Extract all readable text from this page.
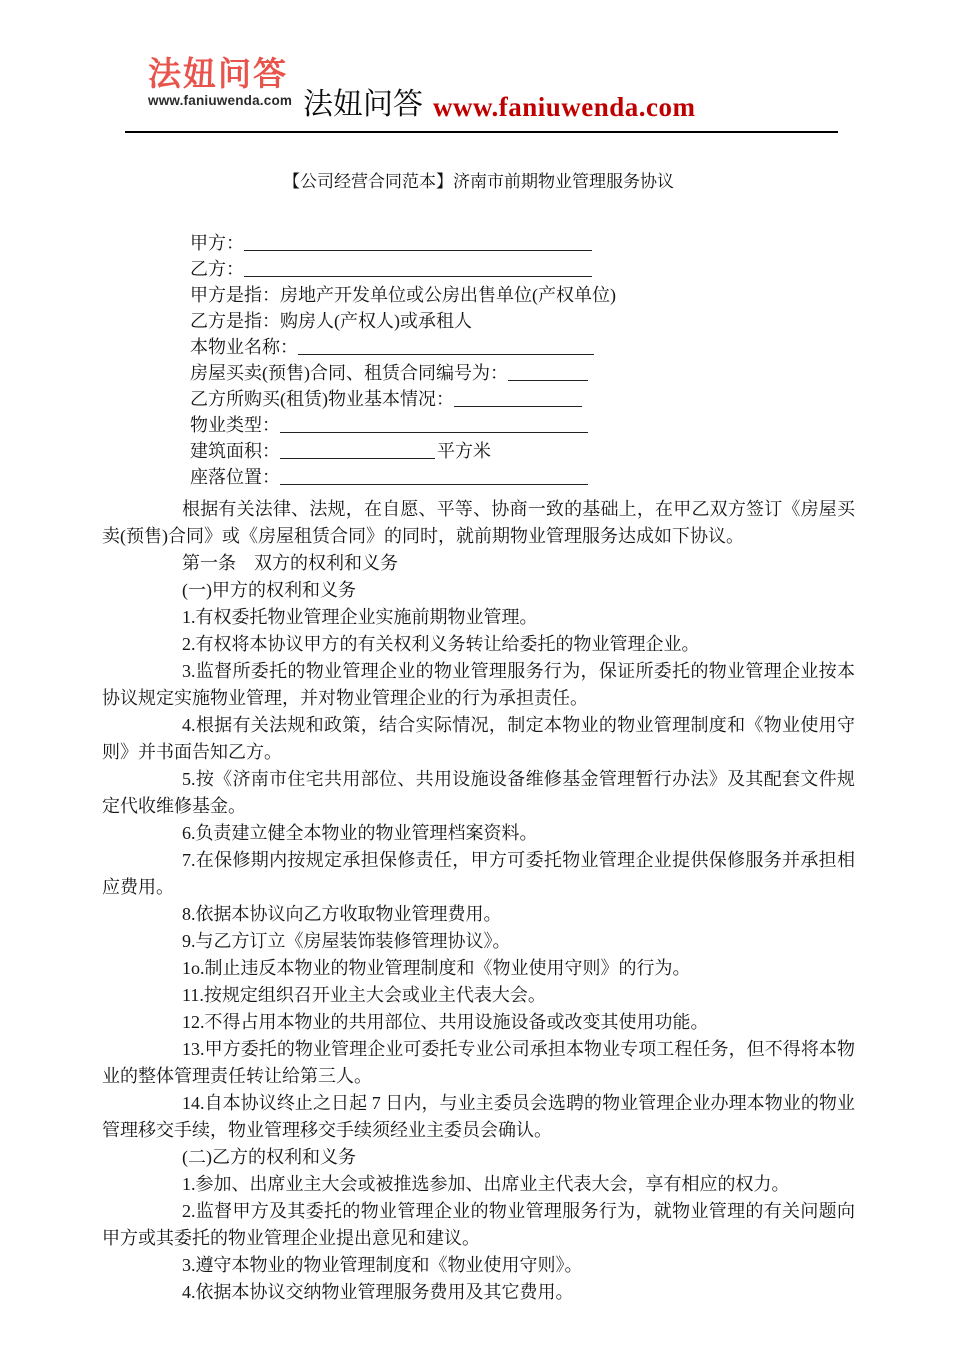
法妞问答
www.faniuwenda.com 法妞问答 www.faniuwenda.com
【公司经营合同范本】济南市前期物业管理服务协议
甲方：
乙方：
甲方是指：房地产开发单位或公房出售单位(产权单位)
乙方是指：购房人(产权人)或承租人
本物业名称：
房屋买卖(预售)合同、租赁合同编号为：
乙方所购买(租赁)物业基本情况：
物业类型：
建筑面积：	平方米
座落位置：

根据有关法律、法规，在自愿、平等、协商一致的基础上，在甲乙双方签订《房屋买卖(预售)合同》或《房屋租赁合同》的同时，就前期物业管理服务达成如下协议。

第一条　双方的权利和义务

(一)甲方的权利和义务

1.有权委托物业管理企业实施前期物业管理。

2.有权将本协议甲方的有关权利义务转让给委托的物业管理企业。

3.监督所委托的物业管理企业的物业管理服务行为，保证所委托的物业管理企业按本协议规定实施物业管理，并对物业管理企业的行为承担责任。

4.根据有关法规和政策，结合实际情况，制定本物业的物业管理制度和《物业使用守则》并书面告知乙方。

5.按《济南市住宅共用部位、共用设施设备维修基金管理暂行办法》及其配套文件规定代收维修基金。

6.负责建立健全本物业的物业管理档案资料。

7.在保修期内按规定承担保修责任，甲方可委托物业管理企业提供保修服务并承担相应费用。

8.依据本协议向乙方收取物业管理费用。

9.与乙方订立《房屋装饰装修管理协议》。

1o.制止违反本物业的物业管理制度和《物业使用守则》的行为。

11.按规定组织召开业主大会或业主代表大会。

12.不得占用本物业的共用部位、共用设施设备或改变其使用功能。

13.甲方委托的物业管理企业可委托专业公司承担本物业专项工程任务，但不得将本物业的整体管理责任转让给第三人。

14.自本协议终止之日起 7 日内，与业主委员会选聘的物业管理企业办理本物业的物业管理移交手续，物业管理移交手续须经业主委员会确认。

(二)乙方的权利和义务

1.参加、出席业主大会或被推选参加、出席业主代表大会，享有相应的权力。

2.监督甲方及其委托的物业管理企业的物业管理服务行为，就物业管理的有关问题向甲方或其委托的物业管理企业提出意见和建议。

3.遵守本物业的物业管理制度和《物业使用守则》。

4.依据本协议交纳物业管理服务费用及其它费用。
